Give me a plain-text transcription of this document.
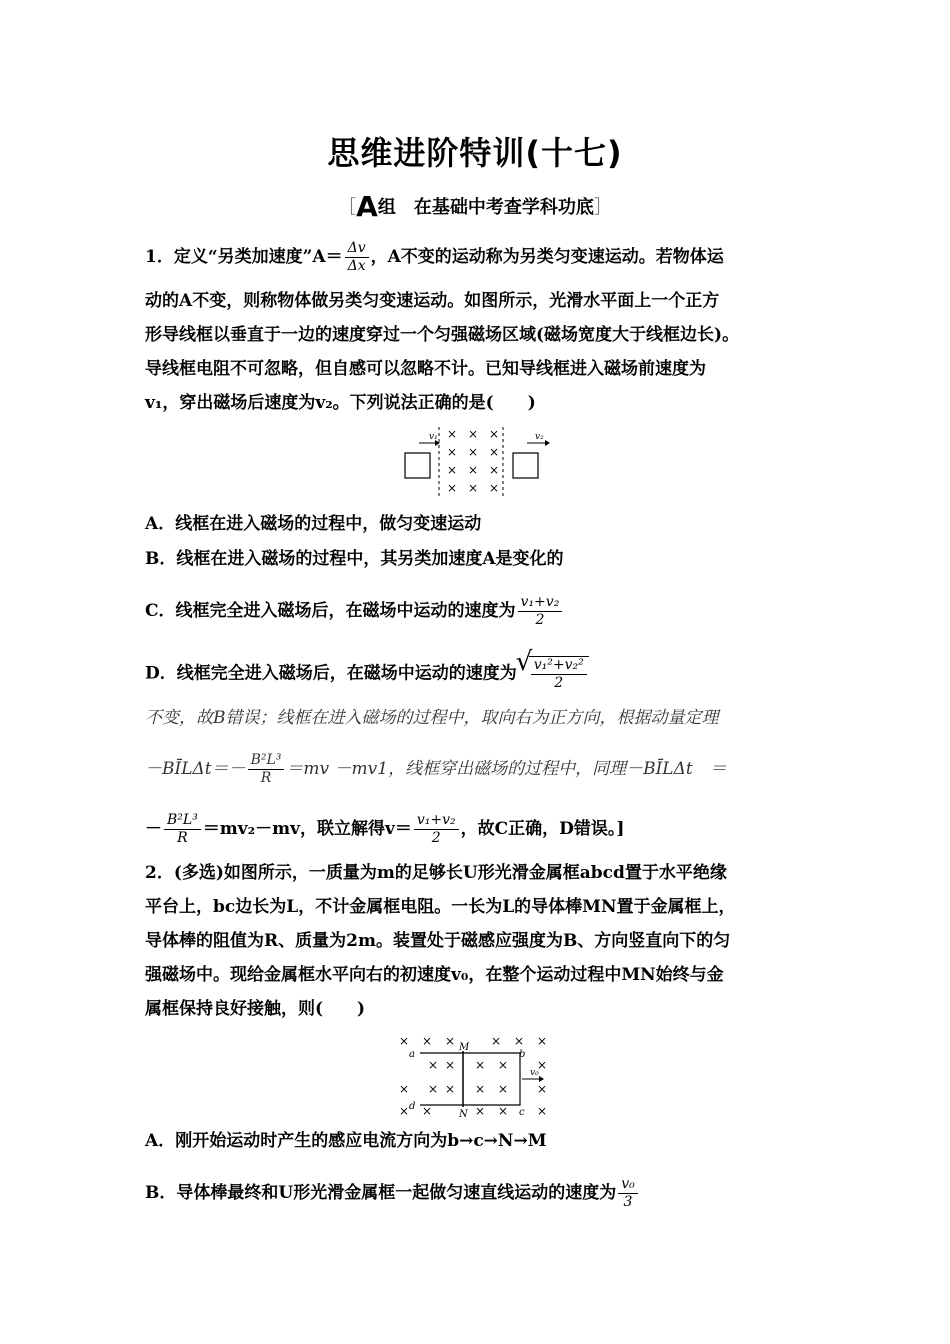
思维进阶特训(十七)
［A组　 在基础中考查学科功底］
1．定义“另类加速度”A＝ $\frac{\Delta v}{\Delta x}$ ，A不变的运动称为另类匀变速运动。若物体运
动的A不变，则称物体做另类匀变速运动。如图所示，光滑水平面上一个正方
形导线框以垂直于一边的速度穿过一个匀强磁场区域(磁场宽度大于线框边长)。
导线框电阻不可忽略，但自感可以忽略不计。已知导线框进入磁场前速度为
v₁，穿出磁场后速度为v₂。下列说法正确的是(　　)
v₁	v₂
× × ×
× × ×
× × ×
× × ×
A．线框在进入磁场的过程中，做匀变速运动
B．线框在进入磁场的过程中，其另类加速度A是变化的
C．线框完全进入磁场后，在磁场中运动的速度为 $\frac{\text{v₁+v₂}}{2}$
D．线框完全进入磁场后，在磁场中运动的速度为
√ $\frac{\text{v₁²+v₂²}}{2}$
不变，故B错误；线框在进入磁场的过程中，取向右为正方向，根据动量定理
－BĪLΔt＝－ $\frac{\text{B²L³}}{R} =mv -mv1$，线框穿出磁场的过程中，同理－BĪLΔt　＝
－ $\frac{\text{B²L³}}{R} =mv_2-mv$，联立解得$v= \frac{\text{v₁+v₂}}{2}$ ，故C正确，D错误。]
2．(多选)如图所示，一质量为m的足够长U形光滑金属框abcd置于水平绝缘
平台上，bc边长为L，不计金属框电阻。一长为L的导体棒MN置于金属框上，
导体棒的阻值为R、质量为2m。装置处于磁感应强度为B、方向竖直向下的匀
强磁场中。现给金属框水平向右的初速度v₀，在整个运动过程中MN始终与金
属框保持良好接触，则(　　)
a	b
c
d
M
N
v₀
× × ×	× × ×
× × × × ×
× × × × × ×
× ×	× × ×
A．刚开始运动时产生的感应电流方向为b→c→N→M
B．导体棒最终和U形光滑金属框一起做匀速直线运动的速度为 $\frac{\text{v₀}}{3}$
